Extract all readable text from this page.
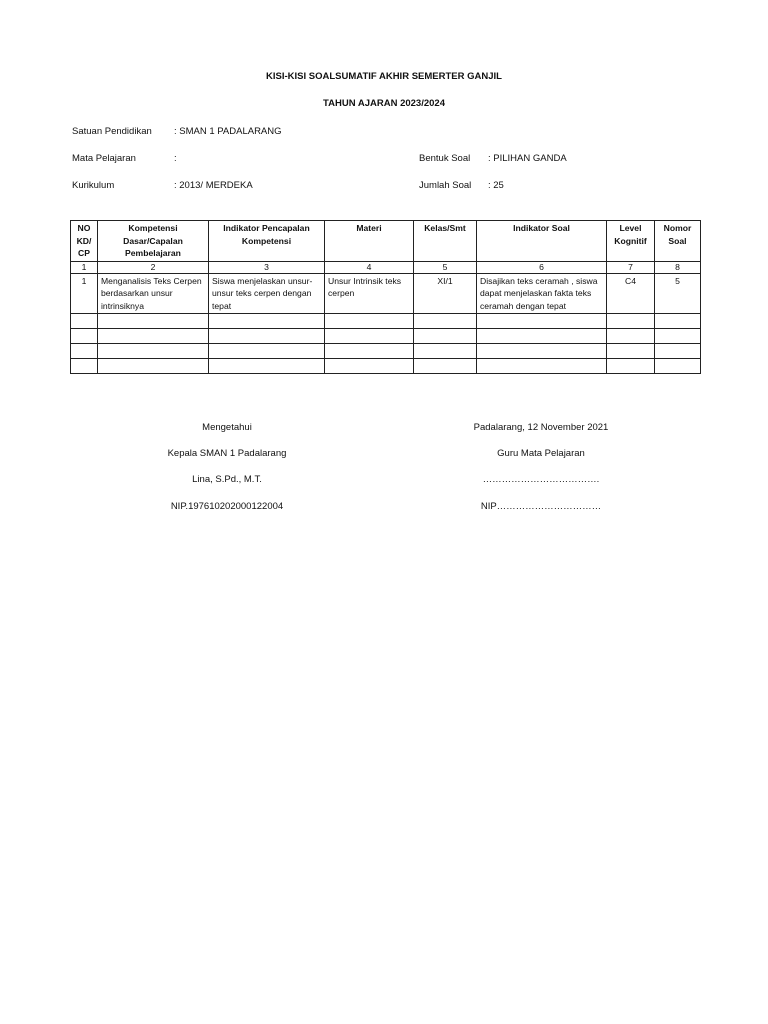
KISI-KISI SOALSUMATIF AKHIR SEMERTER GANJIL
TAHUN AJARAN 2023/2024
Satuan Pendidikan : SMAN 1 PADALARANG
Mata Pelajaran	:
Kurikulum	: 2013/ MERDEKA
Bentuk Soal : PILIHAN GANDA
Jumlah Soal : 25
NO KD/ CP	Kompetensi Dasar/Capalan Pembelajaran	Indikator Pencapalan Kompetensi	Materi	Kelas/Smt	Indikator Soal	Level Kognitif	Nomor Soal
1	2	3	4	5	6	7	8
1	Menganalisis Teks Cerpen berdasarkan unsur intrinsiknya	Siswa menjelaskan unsur-unsur teks cerpen dengan tepat	Unsur Intrinsik teks cerpen	XI/1	Disajikan teks ceramah , siswa dapat menjelaskan fakta teks ceramah dengan tepat	C4	5

Mengetahui
Kepala SMAN 1 Padalarang
Lina, S.Pd., M.T.
NIP.197610202000122004
Padalarang, 12 November 2021
Guru Mata Pelajaran
……………………………….
NIP……………………………
